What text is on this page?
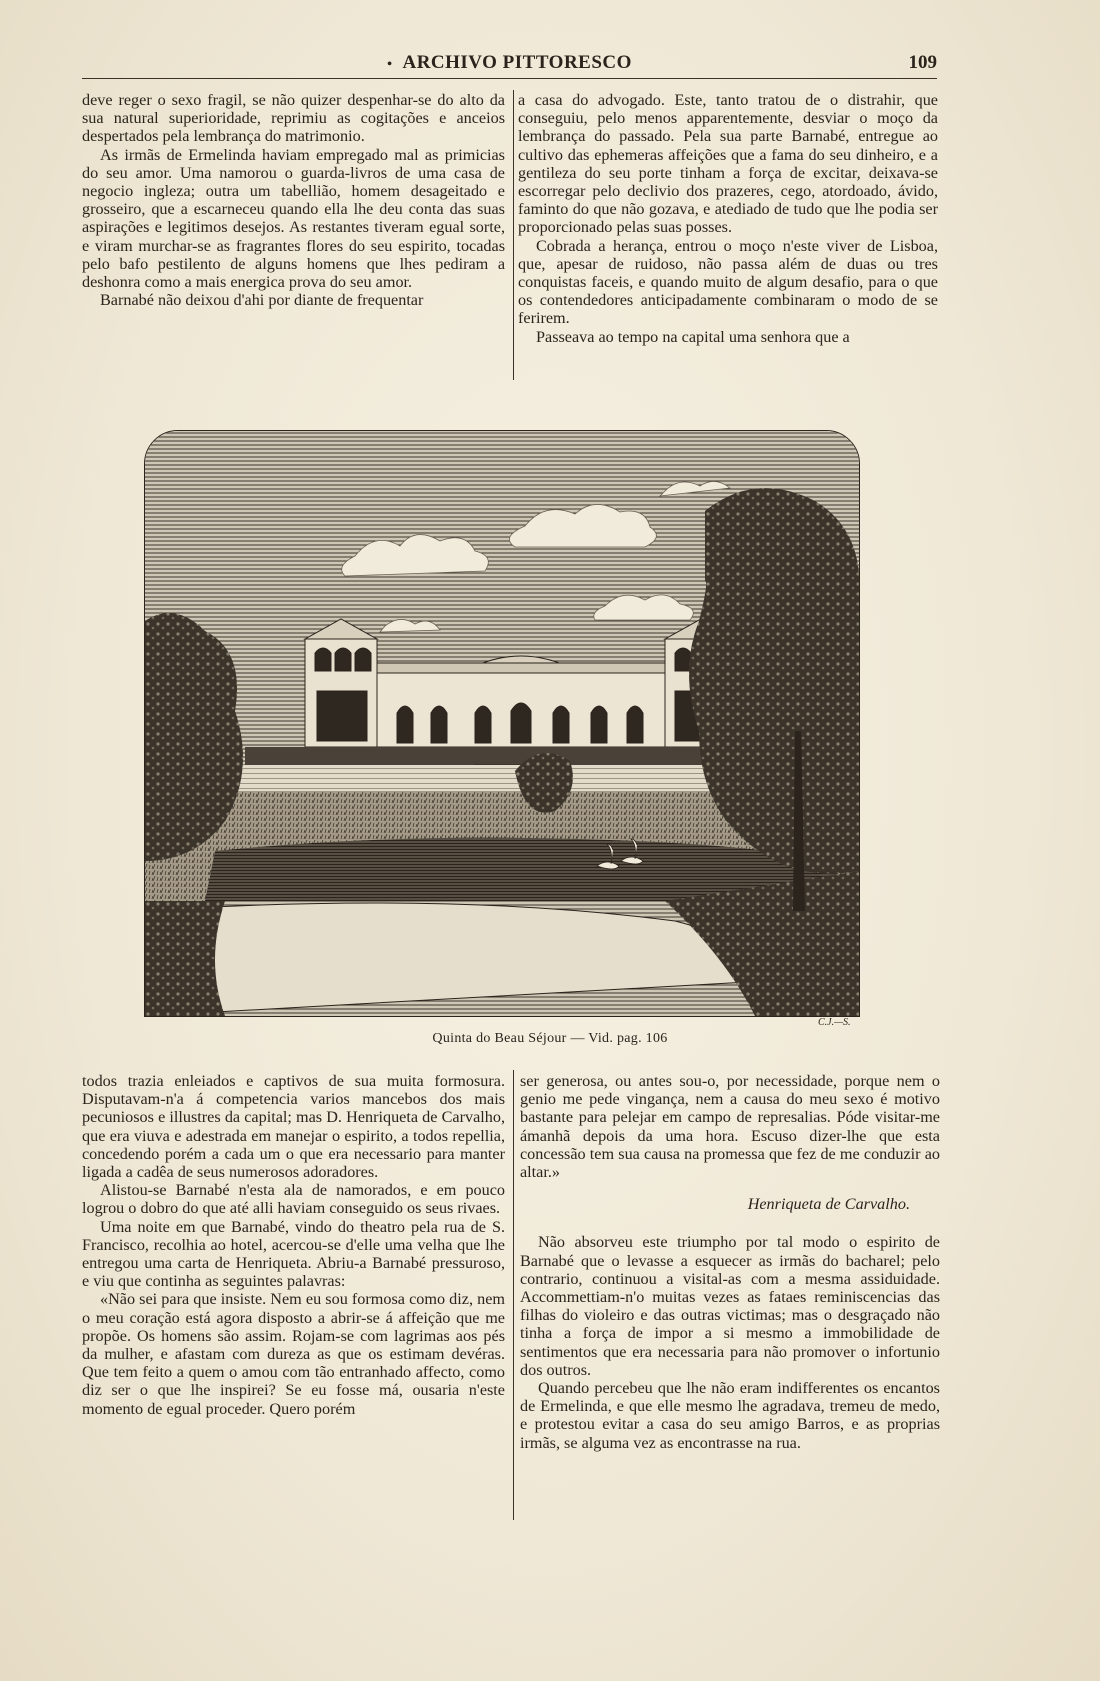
• ARCHIVO PITTORESCO	109

deve reger o sexo fragil, se não quizer despenhar-se do alto da sua natural superioridade, reprimiu as cogitações e anceios despertados pela lembrança do matrimonio.

As irmãs de Ermelinda haviam empregado mal as primicias do seu amor. Uma namorou o guarda-livros de uma casa de negocio ingleza; outra um tabellião, homem desageitado e grosseiro, que a escarneceu quando ella lhe deu conta das suas aspirações e legitimos desejos. As restantes tiveram egual sorte, e viram murchar-se as fragrantes flores do seu espirito, tocadas pelo bafo pestilento de alguns homens que lhes pediram a deshonra como a mais energica prova do seu amor.

Barnabé não deixou d'ahi por diante de frequentar

a casa do advogado. Este, tanto tratou de o distrahir, que conseguiu, pelo menos apparentemente, desviar o moço da lembrança do passado. Pela sua parte Barnabé, entregue ao cultivo das ephemeras affeições que a fama do seu dinheiro, e a gentileza do seu porte tinham a força de excitar, deixava-se escorregar pelo declivio dos prazeres, cego, atordoado, ávido, faminto do que não gozava, e atediado de tudo que lhe podia ser proporcionado pelas suas posses.

Cobrada a herança, entrou o moço n'este viver de Lisboa, que, apesar de ruidoso, não passa além de duas ou tres conquistas faceis, e quando muito de algum desafio, para o que os contendedores anticipadamente combinaram o modo de se ferirem.

Passeava ao tempo na capital uma senhora que a

C.J.—S.
Quinta do Beau Séjour — Vid. pag. 106

todos trazia enleiados e captivos de sua muita formosura. Disputavam-n'a á competencia varios mancebos dos mais pecuniosos e illustres da capital; mas D. Henriqueta de Carvalho, que era viuva e adestrada em manejar o espirito, a todos repellia, concedendo porém a cada um o que era necessario para manter ligada a cadêa de seus numerosos adoradores.

Alistou-se Barnabé n'esta ala de namorados, e em pouco logrou o dobro do que até alli haviam conseguido os seus rivaes.

Uma noite em que Barnabé, vindo do theatro pela rua de S. Francisco, recolhia ao hotel, acercou-se d'elle uma velha que lhe entregou uma carta de Henriqueta. Abriu-a Barnabé pressuroso, e viu que continha as seguintes palavras:

«Não sei para que insiste. Nem eu sou formosa como diz, nem o meu coração está agora disposto a abrir-se á affeição que me propõe. Os homens são assim. Rojam-se com lagrimas aos pés da mulher, e afastam com dureza as que os estimam devéras. Que tem feito a quem o amou com tão entranhado affecto, como diz ser o que lhe inspirei? Se eu fosse má, ousaria n'este momento de egual proceder. Quero porém

ser generosa, ou antes sou-o, por necessidade, porque nem o genio me pede vingança, nem a causa do meu sexo é motivo bastante para pelejar em campo de represalias. Póde visitar-me ámanhã depois da uma hora. Escuso dizer-lhe que esta concessão tem sua causa na promessa que fez de me conduzir ao altar.»

Henriqueta de Carvalho.

Não absorveu este triumpho por tal modo o espirito de Barnabé que o levasse a esquecer as irmãs do bacharel; pelo contrario, continuou a visital-as com a mesma assiduidade. Accommettiam-n'o muitas vezes as fataes reminiscencias das filhas do violeiro e das outras victimas; mas o desgraçado não tinha a força de impor a si mesmo a immobilidade de sentimentos que era necessaria para não promover o infortunio dos outros.

Quando percebeu que lhe não eram indifferentes os encantos de Ermelinda, e que elle mesmo lhe agradava, tremeu de medo, e protestou evitar a casa do seu amigo Barros, e as proprias irmãs, se alguma vez as encontrasse na rua.
